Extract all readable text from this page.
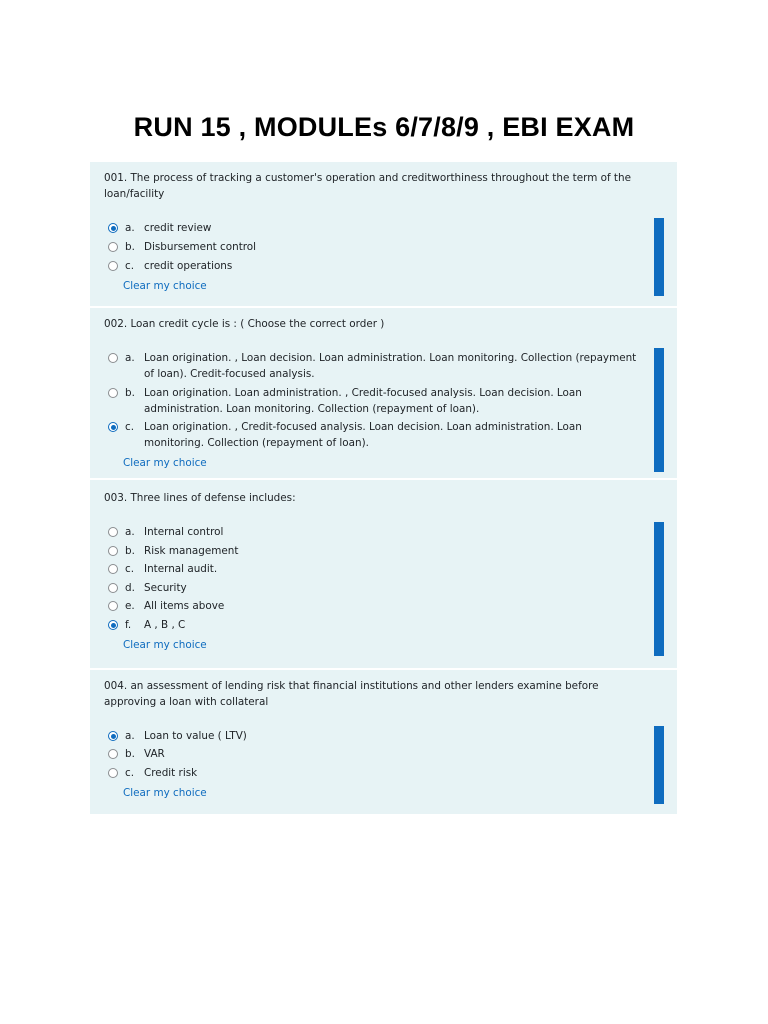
RUN 15 , MODULEs 6/7/8/9 , EBI EXAM
001. The process of tracking a customer's operation and creditworthiness throughout the term of the loan/facility
a. credit review
b. Disbursement control
c. credit operations
Clear my choice
002. Loan credit cycle is : ( Choose the correct order )
a. Loan origination. , Loan decision. Loan administration. Loan monitoring. Collection (repayment of loan). Credit-focused analysis.
b. Loan origination. Loan administration. , Credit-focused analysis. Loan decision. Loan administration. Loan monitoring. Collection (repayment of loan).
c. Loan origination. , Credit-focused analysis. Loan decision. Loan administration. Loan monitoring. Collection (repayment of loan).
Clear my choice
003. Three lines of defense includes:
a. Internal control
b. Risk management
c. Internal audit.
d. Security
e. All items above
f.	A , B , C
Clear my choice
004. an assessment of lending risk that financial institutions and other lenders examine before approving a loan with collateral
a. Loan to value ( LTV)
b. VAR
c. Credit risk
Clear my choice
